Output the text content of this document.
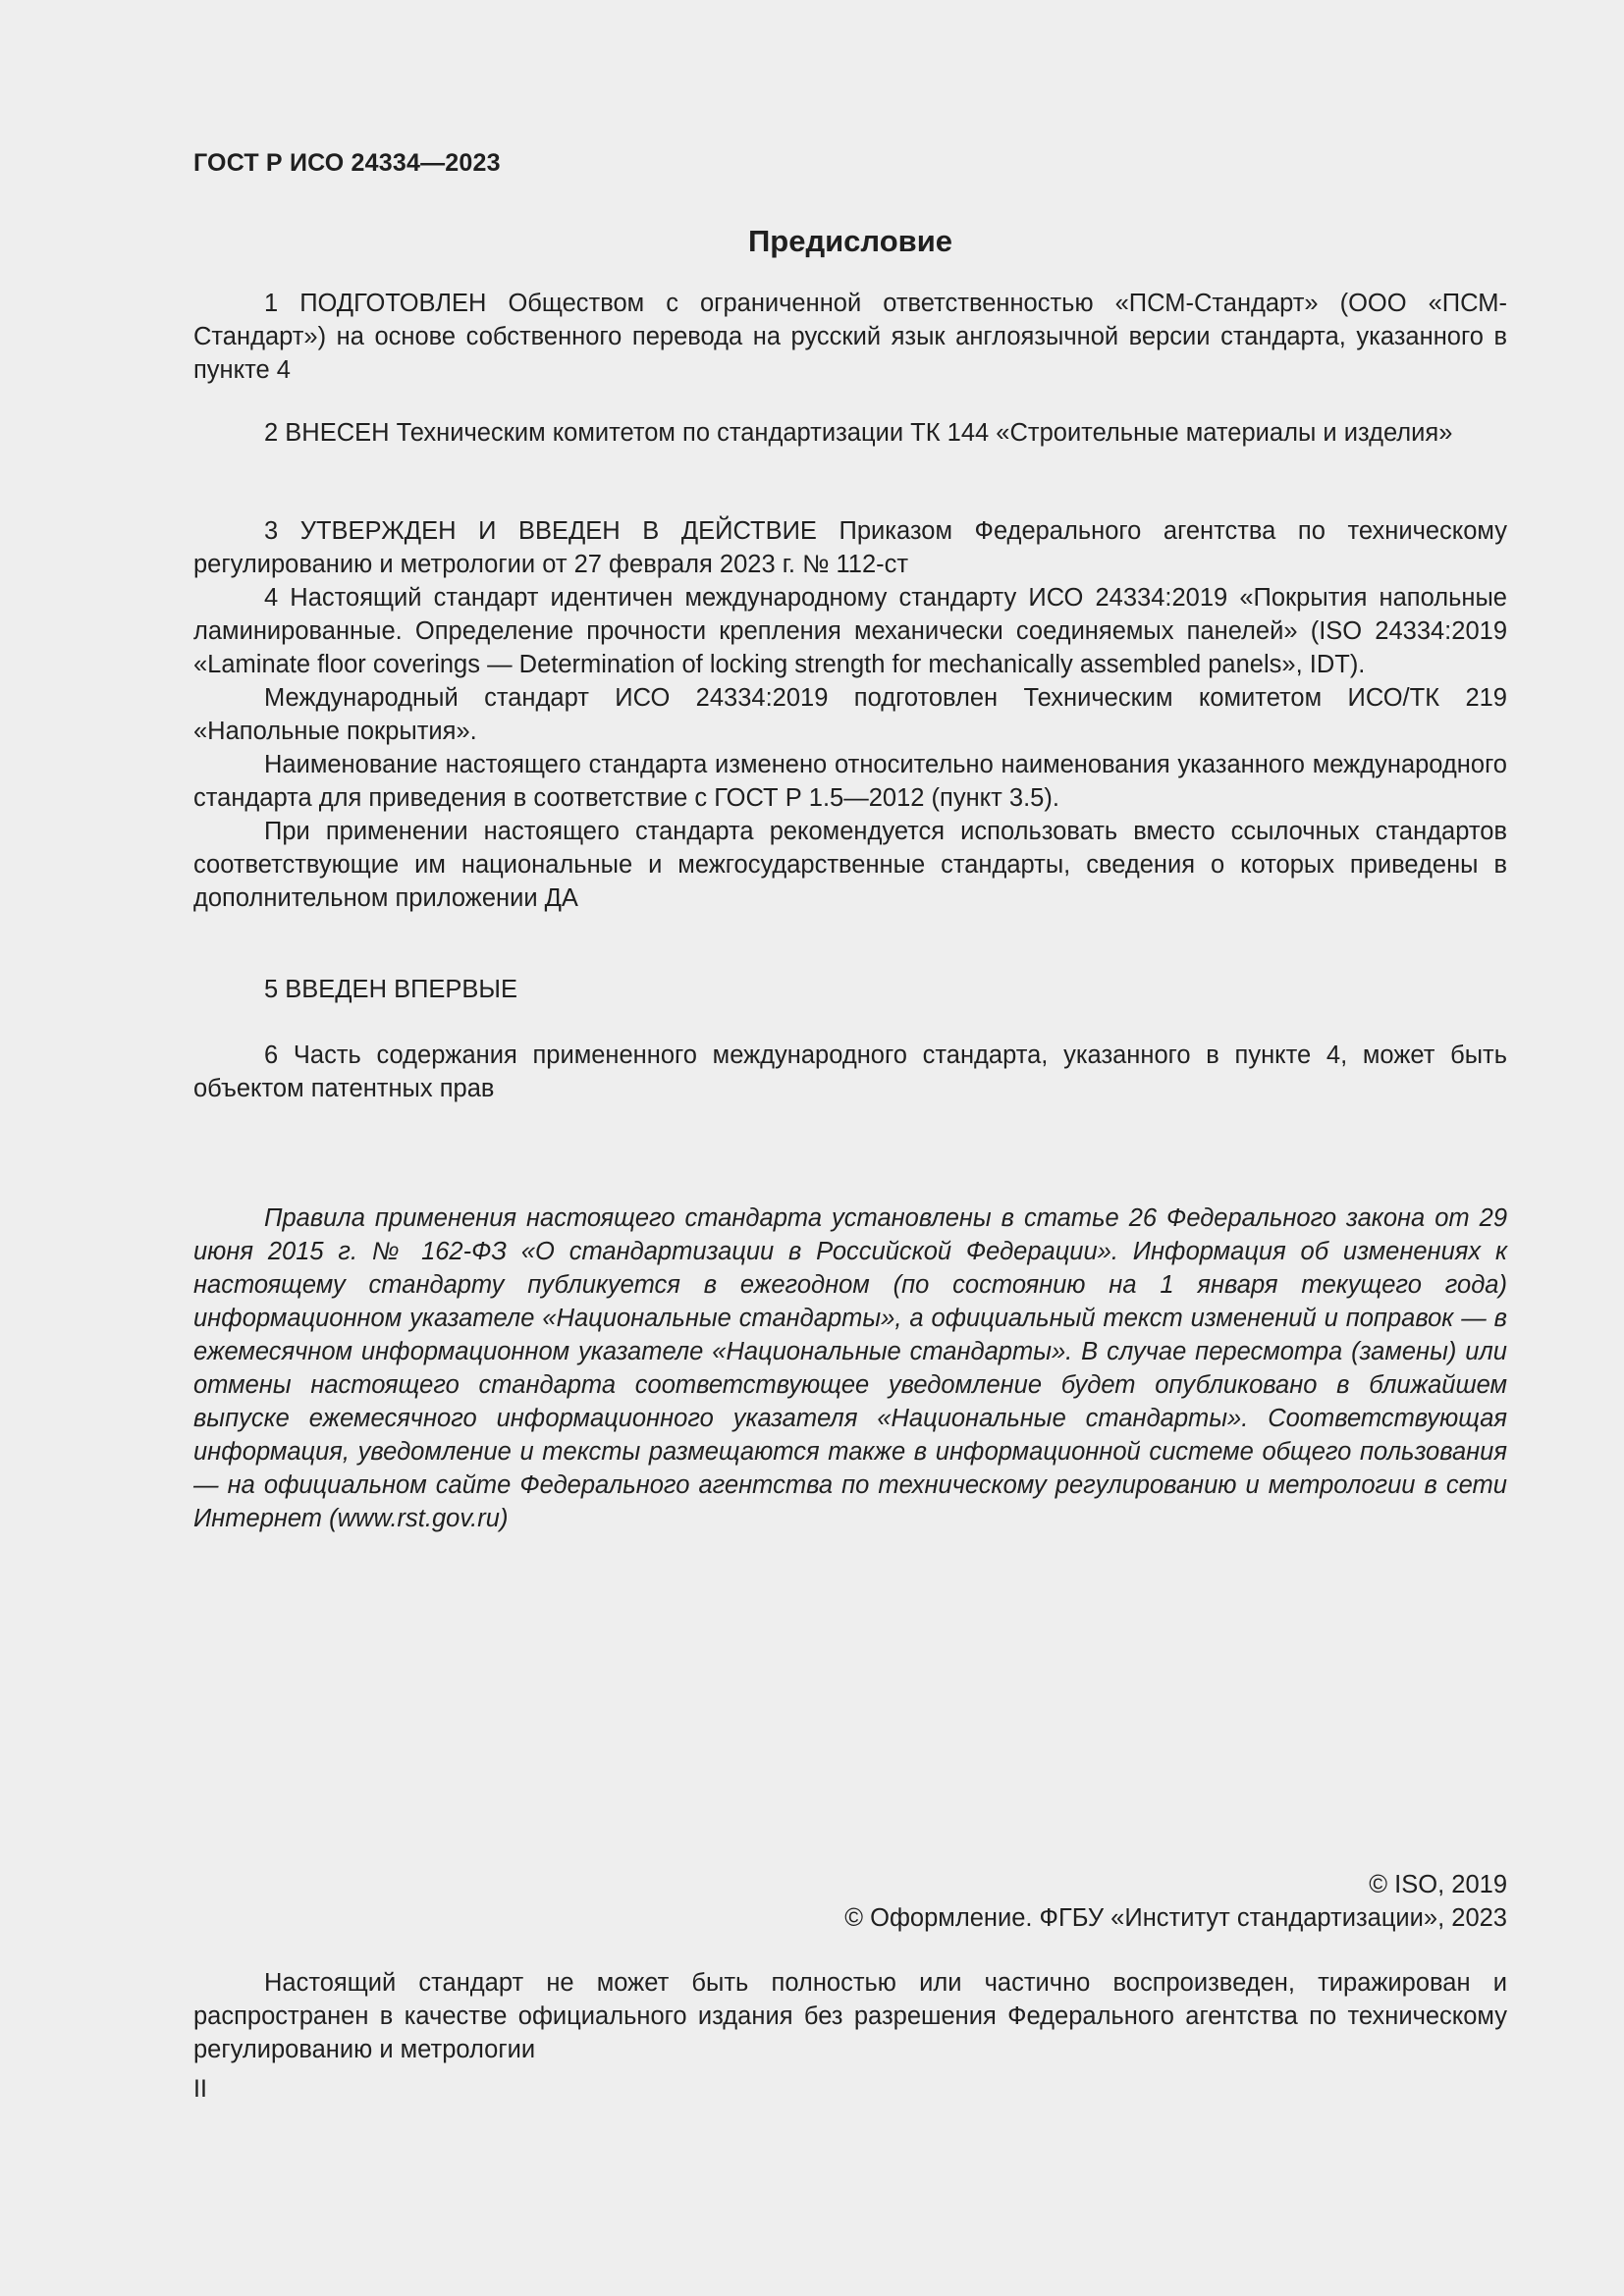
ГОСТ Р ИСО 24334—2023
Предисловие

1 ПОДГОТОВЛЕН Обществом с ограниченной ответственностью «ПСМ-Стандарт» (ООО «ПСМ-Стандарт») на основе собственного перевода на русский язык англоязычной версии стандарта, указанного в пункте 4

2 ВНЕСЕН Техническим комитетом по стандартизации ТК 144 «Строительные материалы и изделия»

3 УТВЕРЖДЕН И ВВЕДЕН В ДЕЙСТВИЕ Приказом Федерального агентства по техническому регулированию и метрологии от 27 февраля 2023 г. № 112-ст

4 Настоящий стандарт идентичен международному стандарту ИСО 24334:2019 «Покрытия напольные ламинированные. Определение прочности крепления механически соединяемых панелей» (ISO 24334:2019 «Laminate floor coverings — Determination of locking strength for mechanically assembled panels», IDT).

Международный стандарт ИСО 24334:2019 подготовлен Техническим комитетом ИСО/ТК 219 «Напольные покрытия».

Наименование настоящего стандарта изменено относительно наименования указанного международного стандарта для приведения в соответствие с ГОСТ Р 1.5—2012 (пункт 3.5).

При применении настоящего стандарта рекомендуется использовать вместо ссылочных стандартов соответствующие им национальные и межгосударственные стандарты, сведения о которых приведены в дополнительном приложении ДА

5 ВВЕДЕН ВПЕРВЫЕ

6 Часть содержания примененного международного стандарта, указанного в пункте 4, может быть объектом патентных прав

Правила применения настоящего стандарта установлены в статье 26 Федерального закона от 29 июня 2015 г. № 162-ФЗ «О стандартизации в Российской Федерации». Информация об изменениях к настоящему стандарту публикуется в ежегодном (по состоянию на 1 января текущего года) информационном указателе «Национальные стандарты», а официальный текст изменений и поправок — в ежемесячном информационном указателе «Национальные стандарты». В случае пересмотра (замены) или отмены настоящего стандарта соответствующее уведомление будет опубликовано в ближайшем выпуске ежемесячного информационного указателя «Национальные стандарты». Соответствующая информация, уведомление и тексты размещаются также в информационной системе общего пользования — на официальном сайте Федерального агентства по техническому регулированию и метрологии в сети Интернет (www.rst.gov.ru)

© ISO, 2019
© Оформление. ФГБУ «Институт стандартизации», 2023

Настоящий стандарт не может быть полностью или частично воспроизведен, тиражирован и распространен в качестве официального издания без разрешения Федерального агентства по техническому регулированию и метрологии

II
